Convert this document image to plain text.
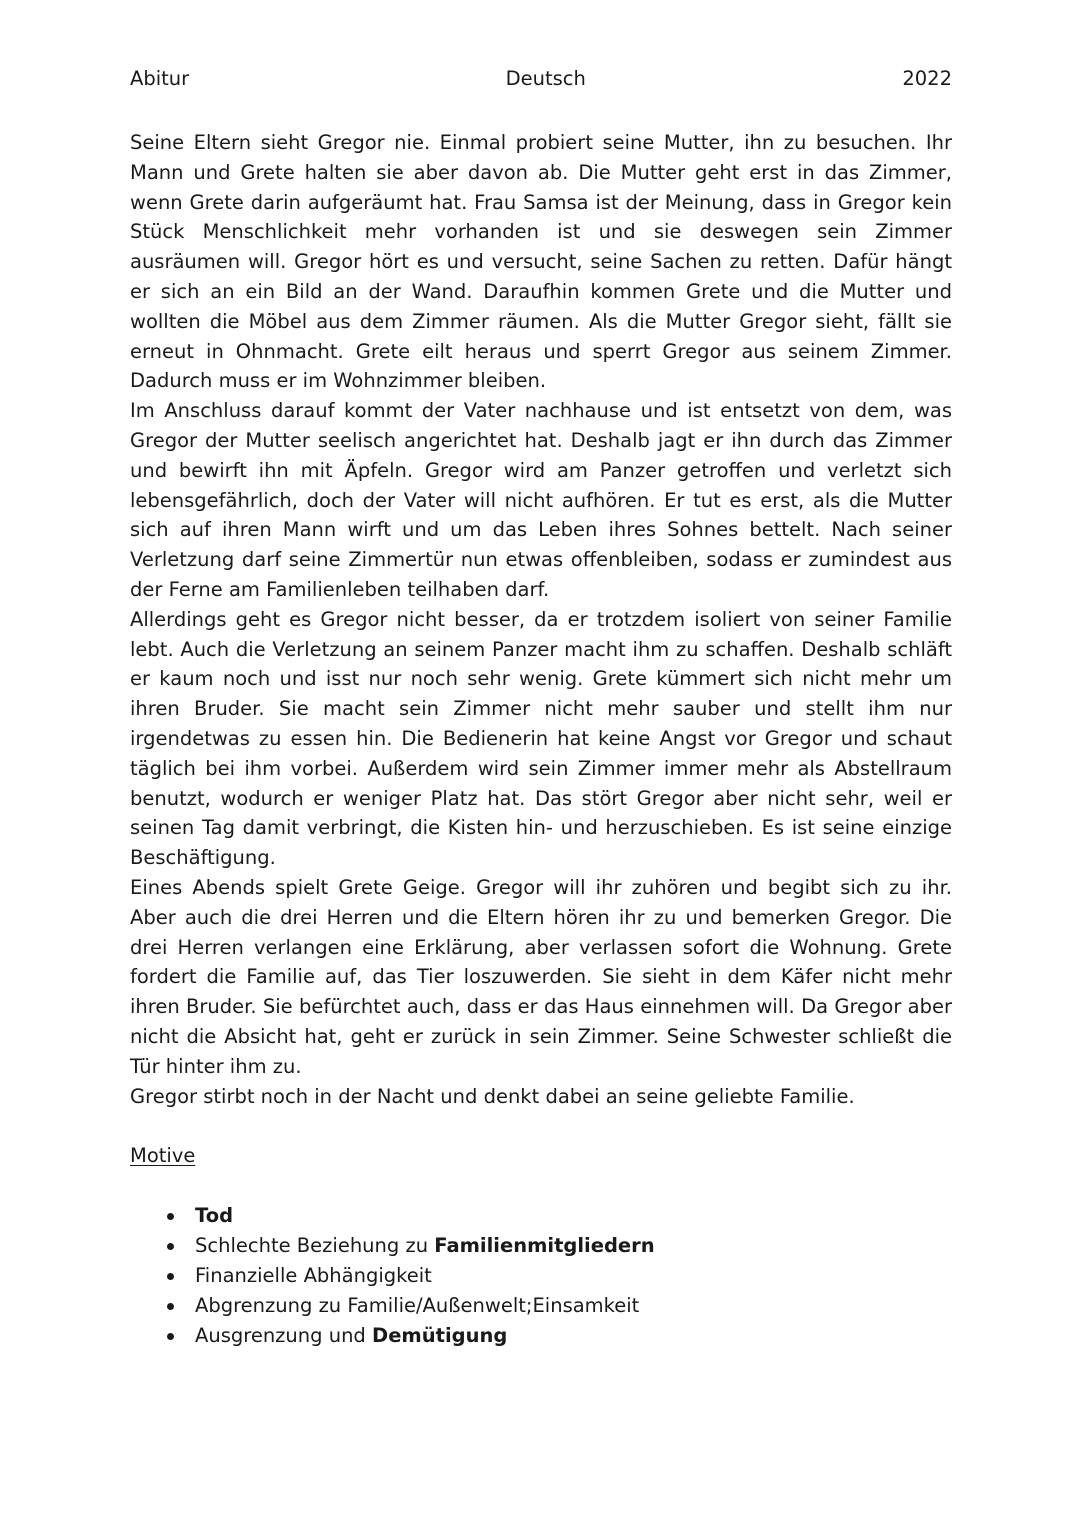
Abitur	Deutsch	2022

Seine Eltern sieht Gregor nie. Einmal probiert seine Mutter, ihn zu besuchen. Ihr Mann und Grete halten sie aber davon ab. Die Mutter geht erst in das Zimmer, wenn Grete darin aufgeräumt hat. Frau Samsa ist der Meinung, dass in Gregor kein Stück Menschlichkeit mehr vorhanden ist und sie deswegen sein Zimmer ausräumen will. Gregor hört es und versucht, seine Sachen zu retten. Dafür hängt er sich an ein Bild an der Wand. Daraufhin kommen Grete und die Mutter und wollten die Möbel aus dem Zimmer räumen. Als die Mutter Gregor sieht, fällt sie erneut in Ohnmacht. Grete eilt heraus und sperrt Gregor aus seinem Zimmer. Dadurch muss er im Wohnzimmer bleiben.

Im Anschluss darauf kommt der Vater nachhause und ist entsetzt von dem, was Gregor der Mutter seelisch angerichtet hat. Deshalb jagt er ihn durch das Zimmer und bewirft ihn mit Äpfeln. Gregor wird am Panzer getroffen und verletzt sich lebensgefährlich, doch der Vater will nicht aufhören. Er tut es erst, als die Mutter sich auf ihren Mann wirft und um das Leben ihres Sohnes bettelt. Nach seiner Verletzung darf seine Zimmertür nun etwas offenbleiben, sodass er zumindest aus der Ferne am Familienleben teilhaben darf.

Allerdings geht es Gregor nicht besser, da er trotzdem isoliert von seiner Familie lebt. Auch die Verletzung an seinem Panzer macht ihm zu schaffen. Deshalb schläft er kaum noch und isst nur noch sehr wenig. Grete kümmert sich nicht mehr um ihren Bruder. Sie macht sein Zimmer nicht mehr sauber und stellt ihm nur irgendetwas zu essen hin. Die Bedienerin hat keine Angst vor Gregor und schaut täglich bei ihm vorbei. Außerdem wird sein Zimmer immer mehr als Abstellraum benutzt, wodurch er weniger Platz hat. Das stört Gregor aber nicht sehr, weil er seinen Tag damit verbringt, die Kisten hin- und herzuschieben. Es ist seine einzige Beschäftigung.

Eines Abends spielt Grete Geige. Gregor will ihr zuhören und begibt sich zu ihr. Aber auch die drei Herren und die Eltern hören ihr zu und bemerken Gregor. Die drei Herren verlangen eine Erklärung, aber verlassen sofort die Wohnung. Grete fordert die Familie auf, das Tier loszuwerden. Sie sieht in dem Käfer nicht mehr ihren Bruder. Sie befürchtet auch, dass er das Haus einnehmen will. Da Gregor aber nicht die Absicht hat, geht er zurück in sein Zimmer. Seine Schwester schließt die Tür hinter ihm zu.

Gregor stirbt noch in der Nacht und denkt dabei an seine geliebte Familie.

Motive
Tod
Schlechte Beziehung zu Familienmitgliedern
Finanzielle Abhängigkeit
Abgrenzung zu Familie/Außenwelt;Einsamkeit
Ausgrenzung und Demütigung
